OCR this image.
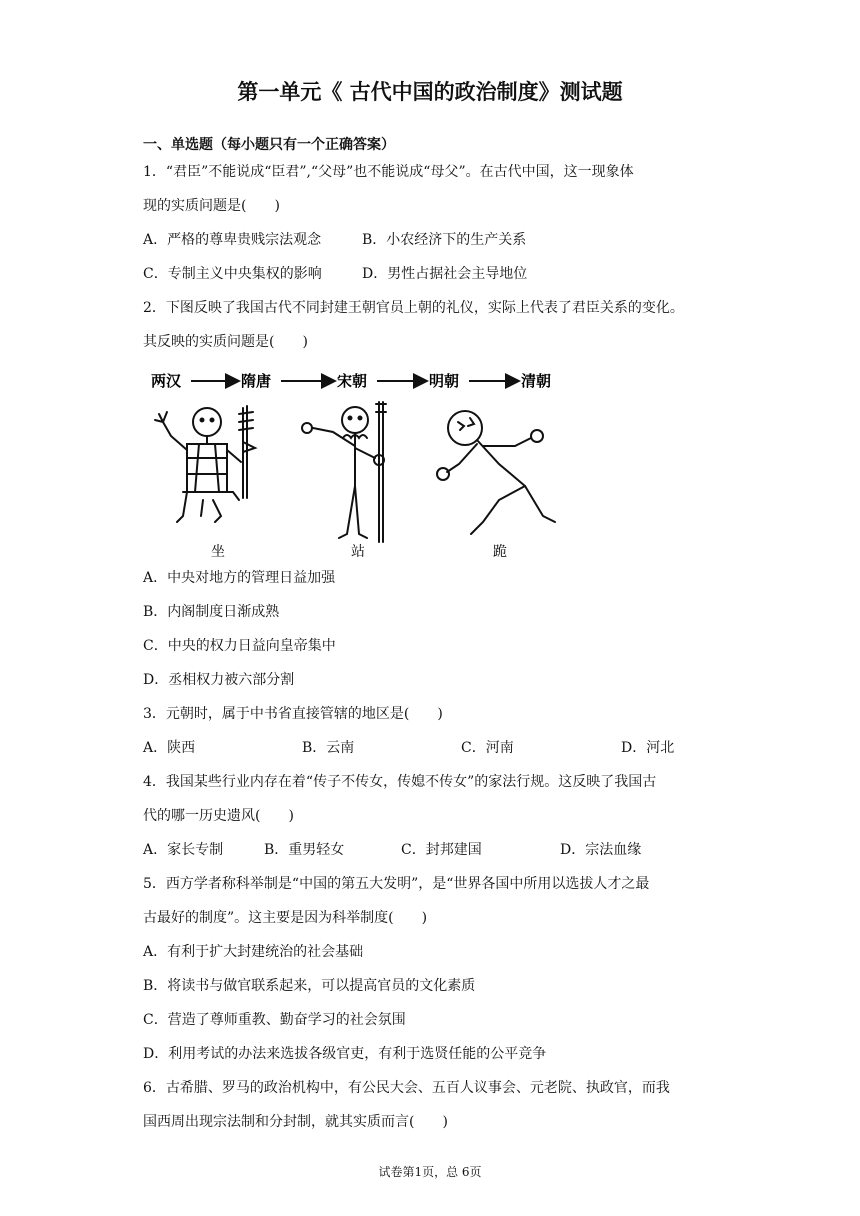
第一单元《 古代中国的政治制度》测试题
一、单选题（每小题只有一个正确答案）
1．“君臣”不能说成“臣君”,“父母”也不能说成“母父”。在古代中国，这一现象体
现的实质问题是(　　)
A．严格的尊卑贵贱宗法观念	B．小农经济下的生产关系
C．专制主义中央集权的影响	D．男性占据社会主导地位
2．下图反映了我国古代不同封建王朝官员上朝的礼仪，实际上代表了君臣关系的变化。
其反映的实质问题是(　　)
两汉	隋唐	宋朝	明朝	清朝
坐	站	跪
A．中央对地方的管理日益加强
B．内阁制度日渐成熟
C．中央的权力日益向皇帝集中
D．丞相权力被六部分割
3．元朝时，属于中书省直接管辖的地区是(　　)
A．陕西	B．云南	C．河南	D．河北
4．我国某些行业内存在着“传子不传女，传媳不传女”的家法行规。这反映了我国古
代的哪一历史遗风(　　)
A．家长专制	B．重男轻女	C．封邦建国	D．宗法血缘
5．西方学者称科举制是“中国的第五大发明”，是“世界各国中所用以选拔人才之最
古最好的制度”。这主要是因为科举制度(　　)
A．有利于扩大封建统治的社会基础
B．将读书与做官联系起来，可以提高官员的文化素质
C．营造了尊师重教、勤奋学习的社会氛围
D．利用考试的办法来选拔各级官吏，有利于选贤任能的公平竞争
6．古希腊、罗马的政治机构中，有公民大会、五百人议事会、元老院、执政官，而我
国西周出现宗法制和分封制，就其实质而言(　　)
试卷第1页，总 6页
